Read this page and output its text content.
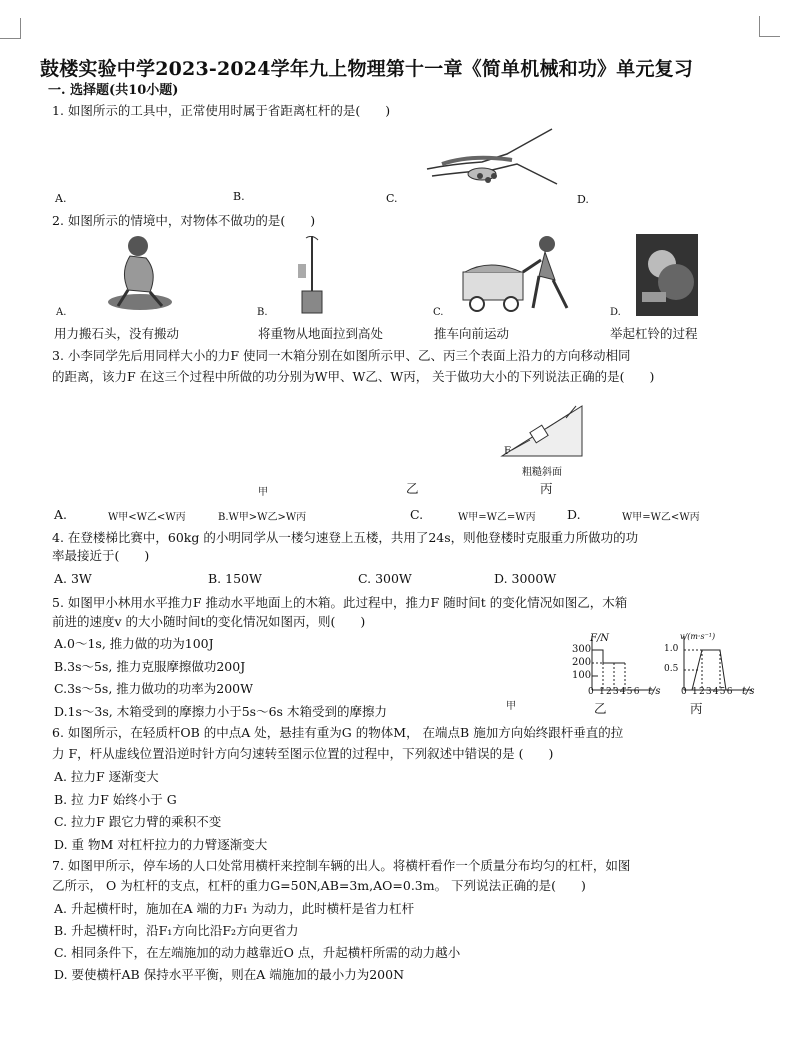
鼓楼实验中学2023-2024学年九上物理第十一章《简单机械和功》单元复习
一. 选择题(共10小题)
1. 如图所示的工具中，正常使用时属于省距离杠杆的是(　　)
A.	B.	C.	D.
2. 如图所示的情境中，对物体不做功的是(　　)
A.	B.	C.	D.
用力搬石头，没有搬动	将重物从地面拉到高处	推车向前运动	举起杠铃的过程
3. 小李同学先后用同样大小的力F 使同一木箱分别在如图所示甲、乙、丙三个表面上沿力的方向移动相同
的距离，该力F 在这三个过程中所做的功分别为W甲、W乙、W丙， 关于做功大小的下列说法正确的是(　　)
F
粗糙斜面
甲	乙	丙
A.	W甲<W乙<W丙	B.W甲>W乙>W丙	C.	W甲=W乙=W丙	D.	W甲=W乙<W丙
4. 在登楼梯比赛中，60kg 的小明同学从一楼匀速登上五楼，共用了24s，则他登楼时克服重力所做功的功
率最接近于(　　)
A. 3W	B. 150W	C. 300W	D. 3000W
5. 如图甲小林用水平推力F 推动水平地面上的木箱。此过程中，推力F 随时间t 的变化情况如图乙，木箱
前进的速度v 的大小随时间t的变化情况如图丙，则(　　)
A.0～1s, 推力做的功为100J
B.3s～5s, 推力克服摩擦做功200J
C.3s～5s, 推力做功的功率为200W
D.1s～3s, 木箱受到的摩擦力小于5s～6s 木箱受到的摩擦力	甲
F/N
300
200
100
0 123456 t/s
乙
v/(m·s⁻¹)
1.0
0.5
0 123456 t/s
丙
6. 如图所示，在轻质杆OB 的中点A 处，悬挂有重为G 的物体M， 在端点B 施加方向始终跟杆垂直的拉
力 F，杆从虚线位置沿逆时针方向匀速转至图示位置的过程中，下列叙述中错误的是 (　　)
A. 拉力F 逐渐变大
B. 拉 力F 始终小于 G
C. 拉力F 跟它力臂的乘积不变
D. 重 物M 对杠杆拉力的力臂逐渐变大
7. 如图甲所示，停车场的人口处常用横杆来控制车辆的出人。将横杆看作一个质量分布均匀的杠杆，如图
乙所示， O 为杠杆的支点，杠杆的重力G=50N,AB=3m,AO=0.3m。 下列说法正确的是(　　)
A. 升起横杆时，施加在A 端的力F₁ 为动力，此时横杆是省力杠杆
B. 升起横杆时，沿F₁方向比沿F₂方向更省力
C. 相同条件下，在左端施加的动力越靠近O 点，升起横杆所需的动力越小
D. 要使横杆AB 保持水平平衡，则在A 端施加的最小力为200N
